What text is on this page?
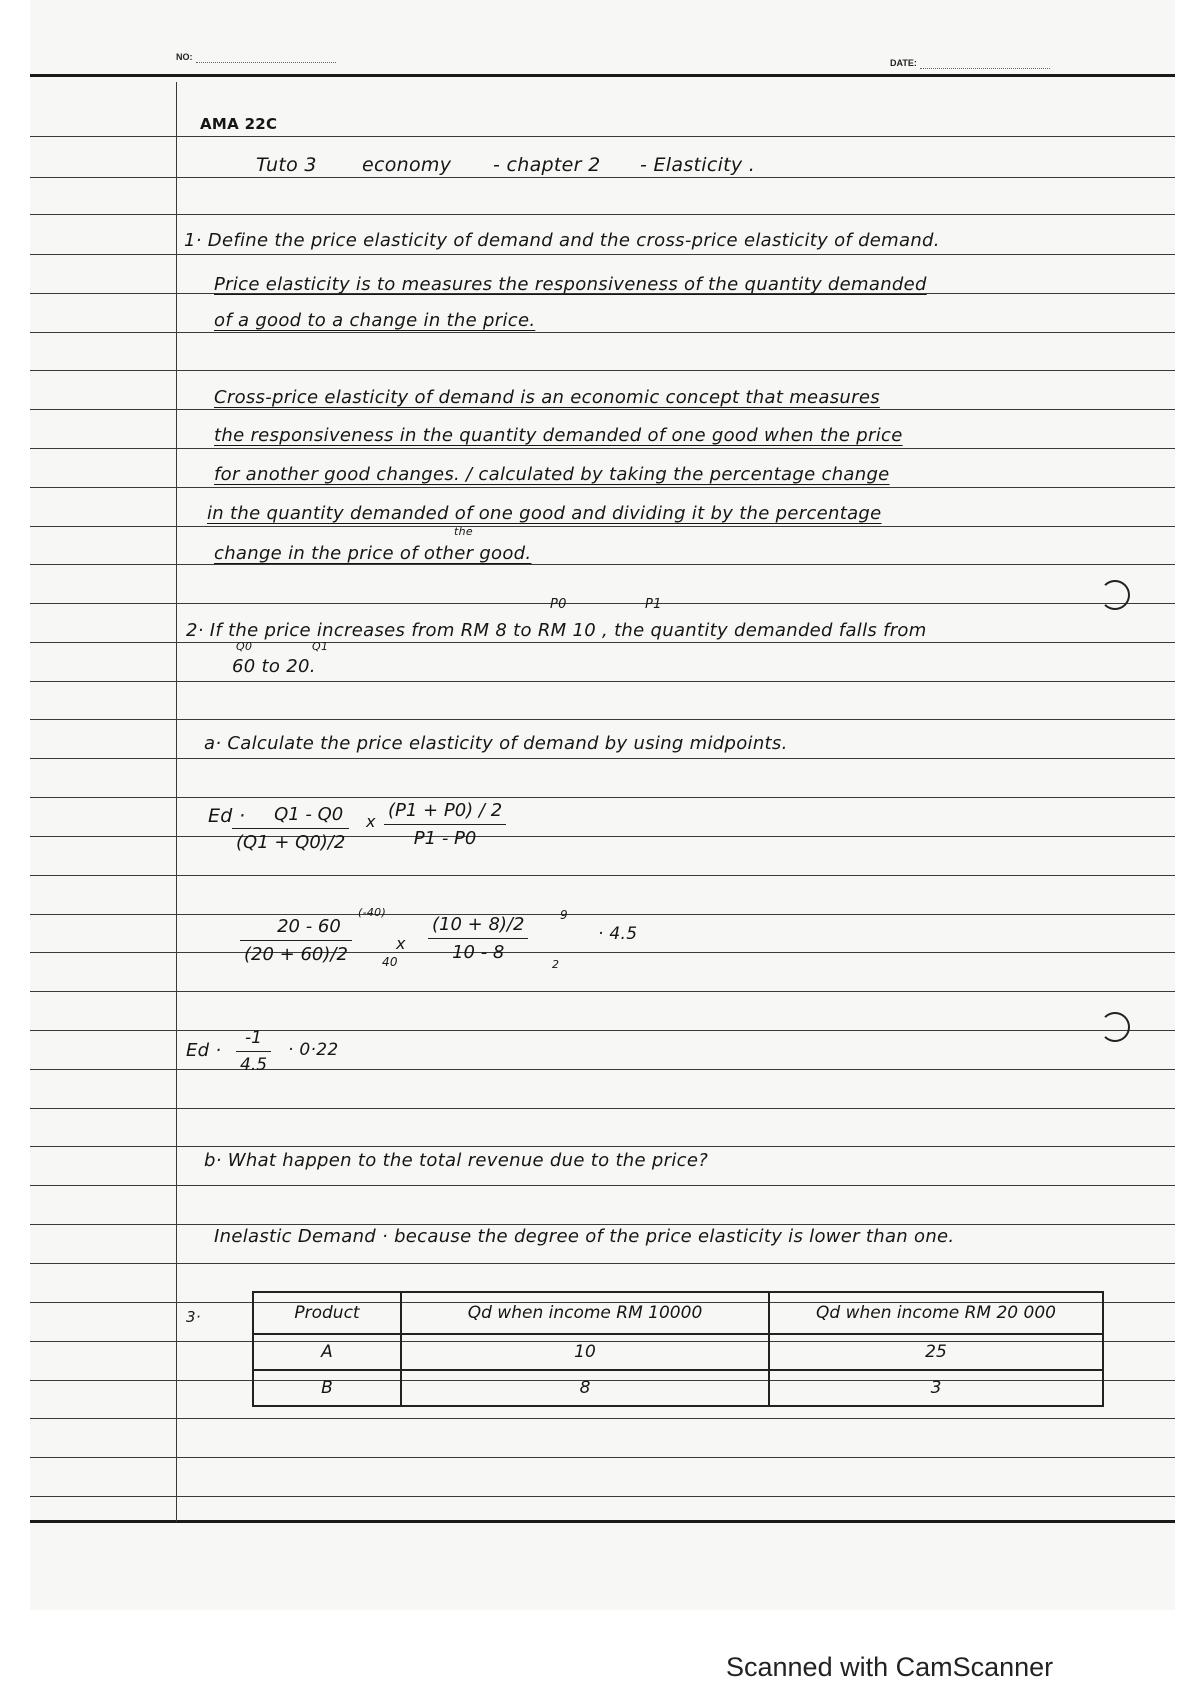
NO:
DATE:
AMA 22C
Tuto 3 economy - chapter 2 - Elasticity .
1· Define the price elasticity of demand and the cross-price elasticity of demand.
Price elasticity is to measures the responsiveness of the quantity demanded
of a good to a change in the price.
Cross-price elasticity of demand is an economic concept that measures
the responsiveness in the quantity demanded of one good when the price
for another good changes. / calculated by taking the percentage change
in the quantity demanded of one good and dividing it by the percentage
the
change in the price of other good.
P0	P1
2· If the price increases from RM 8 to RM 10 , the quantity demanded falls from
Q0	Q1
60 to 20.
a· Calculate the price elasticity of demand by using midpoints.
Ed ·
$\frac{Q1 - Q0}{(Q1 + Q0)/2}$ x $\frac{(P1 + P0) / 2}{P1 - P0}$
(-40)
$\frac{20 - 60}{(20 + 60)/2}$	40
x $\frac{(10 + 8)/2}{10 - 8}$	9
2
· 4.5
$Ed \cdot \frac{-1}{4.5} \cdot 0\cdot 22$
b· What happen to the total revenue due to the price?
Inelastic Demand · because the degree of the price elasticity is lower than one.
3·	Product	Qd when income RM 10000	Qd when income RM 20 000
A	10	25
B	8	3
Scanned with CamScanner
